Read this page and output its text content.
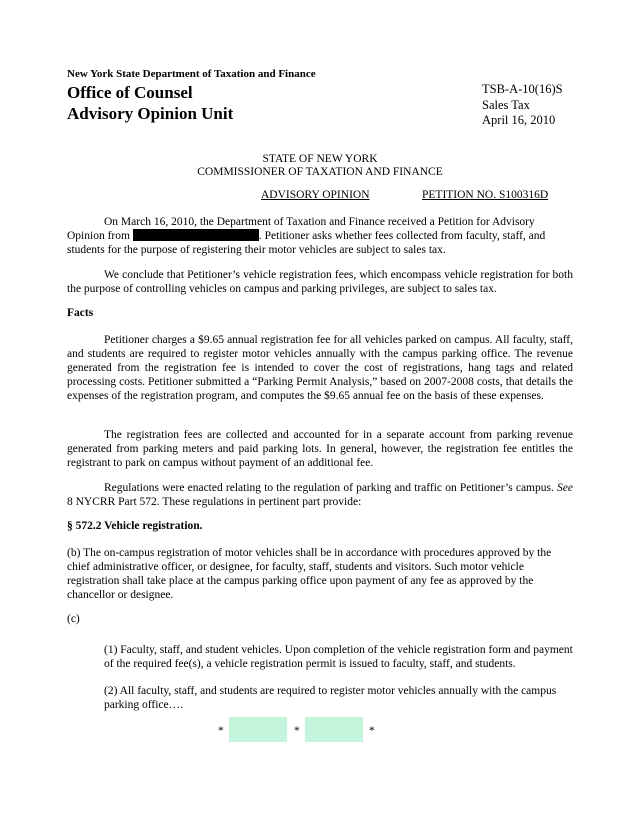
New York State Department of Taxation and Finance
Office of Counsel
Advisory Opinion Unit
TSB-A-10(16)S
Sales Tax
April 16, 2010
STATE OF NEW YORK
COMMISSIONER OF TAXATION AND FINANCE
ADVISORY OPINION	PETITION NO. S100316D
On March 16, 2010, the Department of Taxation and Finance received a Petition for Advisory
Opinion from	. Petitioner asks whether fees collected from faculty, staff, and
students for the purpose of registering their motor vehicles are subject to sales tax.

We conclude that Petitioner’s vehicle registration fees, which encompass vehicle registration for both the purpose of controlling vehicles on campus and parking privileges, are subject to sales tax.

Facts

Petitioner charges a $9.65 annual registration fee for all vehicles parked on campus. All faculty, staff, and students are required to register motor vehicles annually with the campus parking office. The revenue generated from the registration fee is intended to cover the cost of registrations, hang tags and related processing costs. Petitioner submitted a “Parking Permit Analysis,” based on 2007-2008 costs, that details the expenses of the registration program, and computes the $9.65 annual fee on the basis of these expenses.

The registration fees are collected and accounted for in a separate account from parking revenue generated from parking meters and paid parking lots. In general, however, the registration fee entitles the registrant to park on campus without payment of an additional fee.

Regulations were enacted relating to the regulation of parking and traffic on Petitioner’s campus. See 8 NYCRR Part 572. These regulations in pertinent part provide:

§ 572.2 Vehicle registration.
(b) The on-campus registration of motor vehicles shall be in accordance with procedures approved by the chief administrative officer, or designee, for faculty, staff, students and visitors. Such motor vehicle registration shall take place at the campus parking office upon payment of any fee as approved by the chancellor or designee.
(c)
(1) Faculty, staff, and student vehicles. Upon completion of the vehicle registration form and payment of the required fee(s), a vehicle registration permit is issued to faculty, staff, and students.
(2) All faculty, staff, and students are required to register motor vehicles annually with the campus parking office….
*	*	*
